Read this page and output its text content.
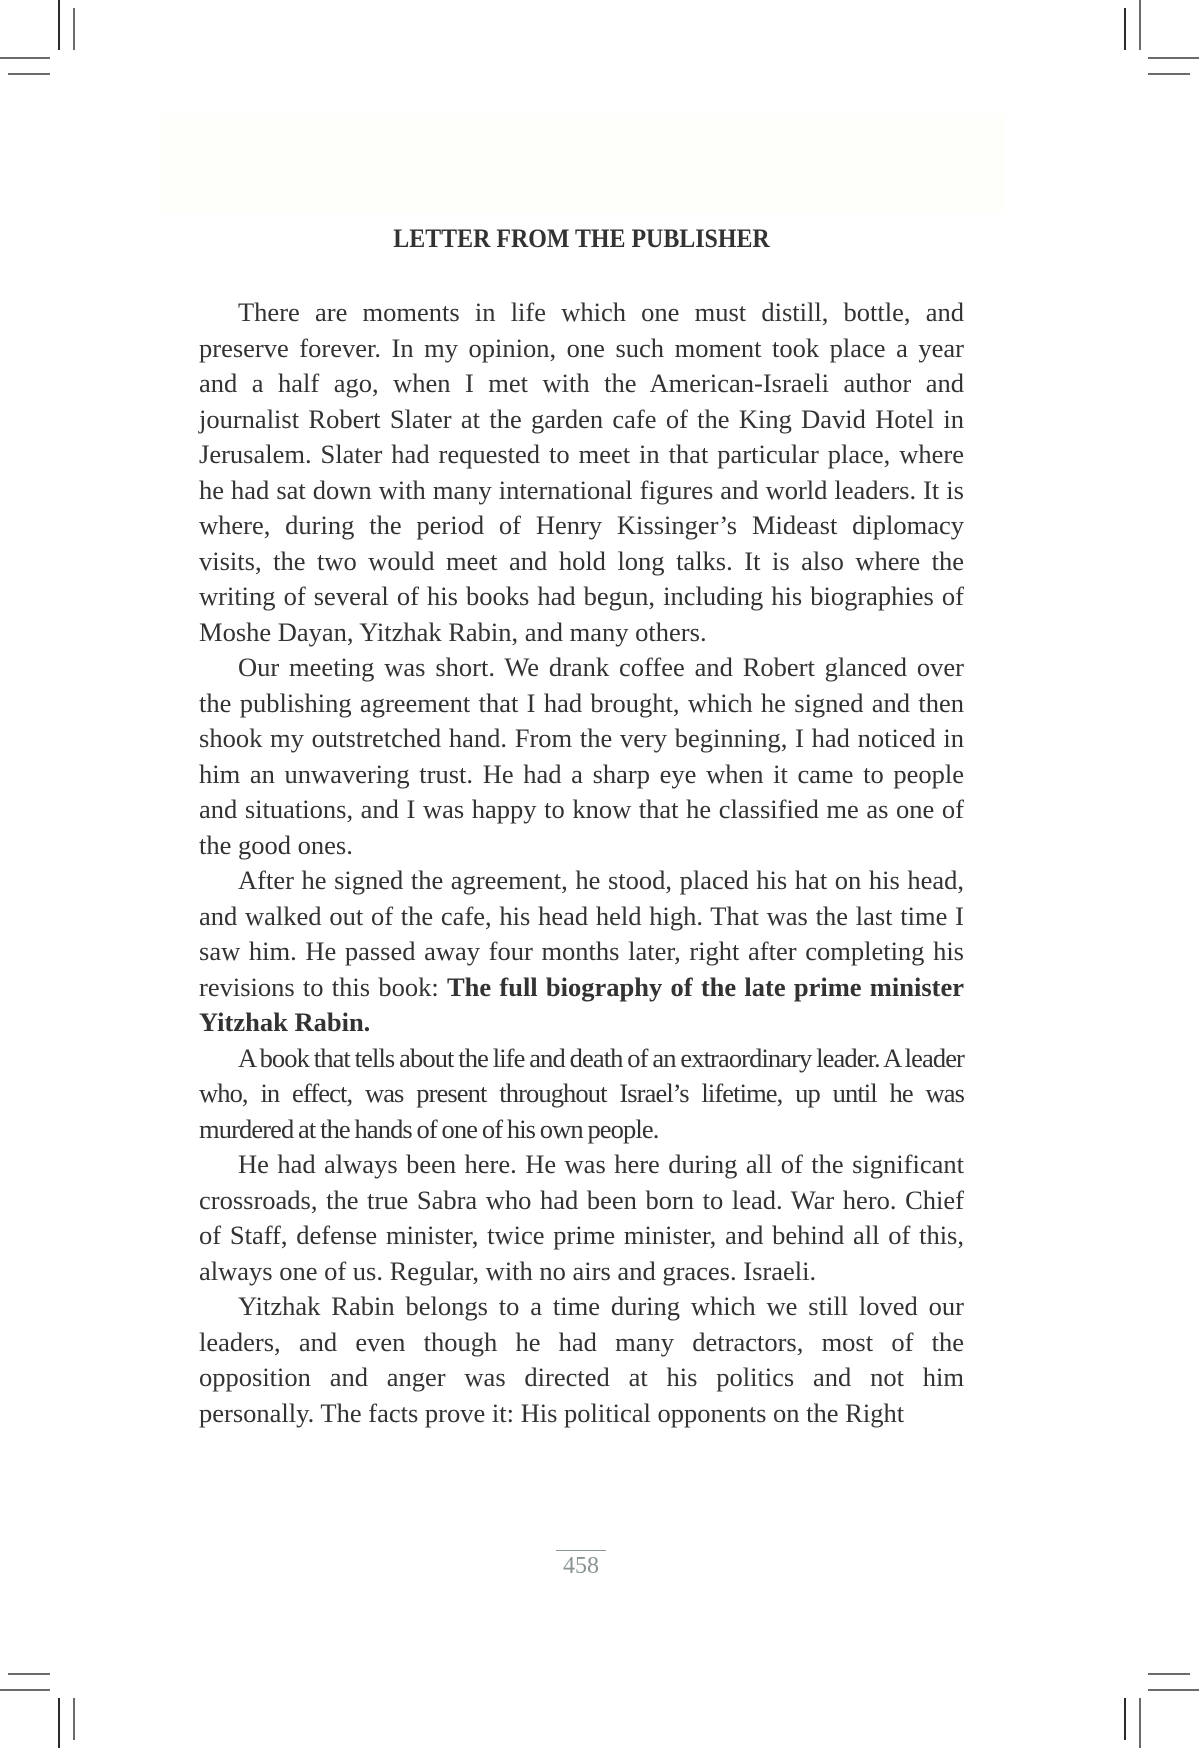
LETTER FROM THE PUBLISHER

There are moments in life which one must distill, bottle, and preserve forever. In my opinion, one such moment took place a year and a half ago, when I met with the American-Israeli author and journalist Robert Slater at the garden cafe of the King David Hotel in Jerusalem. Slater had requested to meet in that particular place, where he had sat down with many international figures and world leaders. It is where, during the period of Henry Kissinger’s Mideast diplomacy visits, the two would meet and hold long talks. It is also where the writing of several of his books had begun, including his biographies of Moshe Dayan, Yitzhak Rabin, and many others.

Our meeting was short. We drank coffee and Robert glanced over the publishing agreement that I had brought, which he signed and then shook my outstretched hand. From the very beginning, I had noticed in him an unwavering trust. He had a sharp eye when it came to people and situations, and I was happy to know that he classified me as one of the good ones.

After he signed the agreement, he stood, placed his hat on his head, and walked out of the cafe, his head held high. That was the last time I saw him. He passed away four months later, right after completing his revisions to this book: The full biography of the late prime minister Yitzhak Rabin.

A book that tells about the life and death of an extraordinary leader. A leader who, in effect, was present throughout Israel’s lifetime, up until he was murdered at the hands of one of his own people.

He had always been here. He was here during all of the significant crossroads, the true Sabra who had been born to lead. War hero. Chief of Staff, defense minister, twice prime minister, and behind all of this, always one of us. Regular, with no airs and graces. Israeli.

Yitzhak Rabin belongs to a time during which we still loved our leaders, and even though he had many detractors, most of the opposition and anger was directed at his politics and not him personally. The facts prove it: His political opponents on the Right

458
